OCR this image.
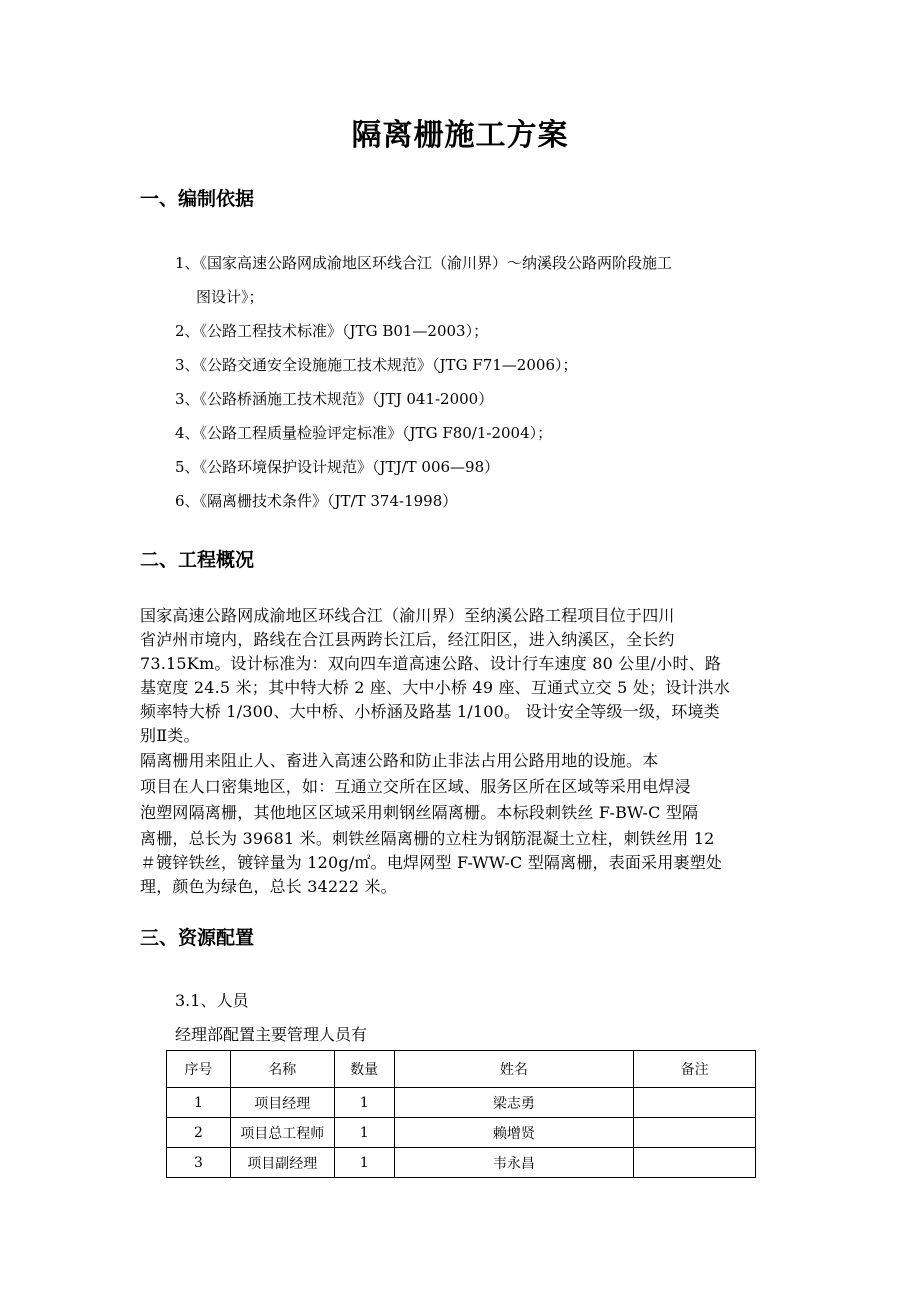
隔离栅施工方案
一、编制依据
1、《国家高速公路网成渝地区环线合江（渝川界）～纳溪段公路两阶段施工
图设计》；
2、《公路工程技术标准》（JTG B01—2003）；
3、《公路交通安全设施施工技术规范》（JTG F71—2006）；
3、《公路桥涵施工技术规范》（JTJ 041-2000）
4、《公路工程质量检验评定标准》（JTG F80/1-2004）；
5、《公路环境保护设计规范》（JTJ/T 006—98）
6、《隔离栅技术条件》（JT/T 374-1998）
二、工程概况
国家高速公路网成渝地区环线合江（渝川界）至纳溪公路工程项目位于四川
省泸州市境内，路线在合江县两跨长江后，经江阳区，进入纳溪区，全长约
73.15Km。设计标准为：双向四车道高速公路、设计行车速度 80 公里/小时、路
基宽度 24.5 米；其中特大桥 2 座、大中小桥 49 座、互通式立交 5 处；设计洪水
频率特大桥 1/300、大中桥、小桥涵及路基 1/100。 设计安全等级一级，环境类
别Ⅱ类。
隔离栅用来阻止人、畜进入高速公路和防止非法占用公路用地的设施。本
项目在人口密集地区，如：互通立交所在区域、服务区所在区域等采用电焊浸
泡塑网隔离栅，其他地区区域采用刺钢丝隔离栅。本标段刺铁丝 F-BW-C 型隔
离栅，总长为 39681 米。刺铁丝隔离栅的立柱为钢筋混凝土立柱，刺铁丝用 12
＃镀锌铁丝，镀锌量为 120g/㎡。电焊网型 F-WW-C 型隔离栅，表面采用裹塑处
理，颜色为绿色，总长 34222 米。
三、资源配置
3.1、人员
经理部配置主要管理人员有
序号	名称	数量	姓名	备注
1	项目经理	1	梁志勇	
2	项目总工程师	1	赖增贤	
3	项目副经理	1	韦永昌	
